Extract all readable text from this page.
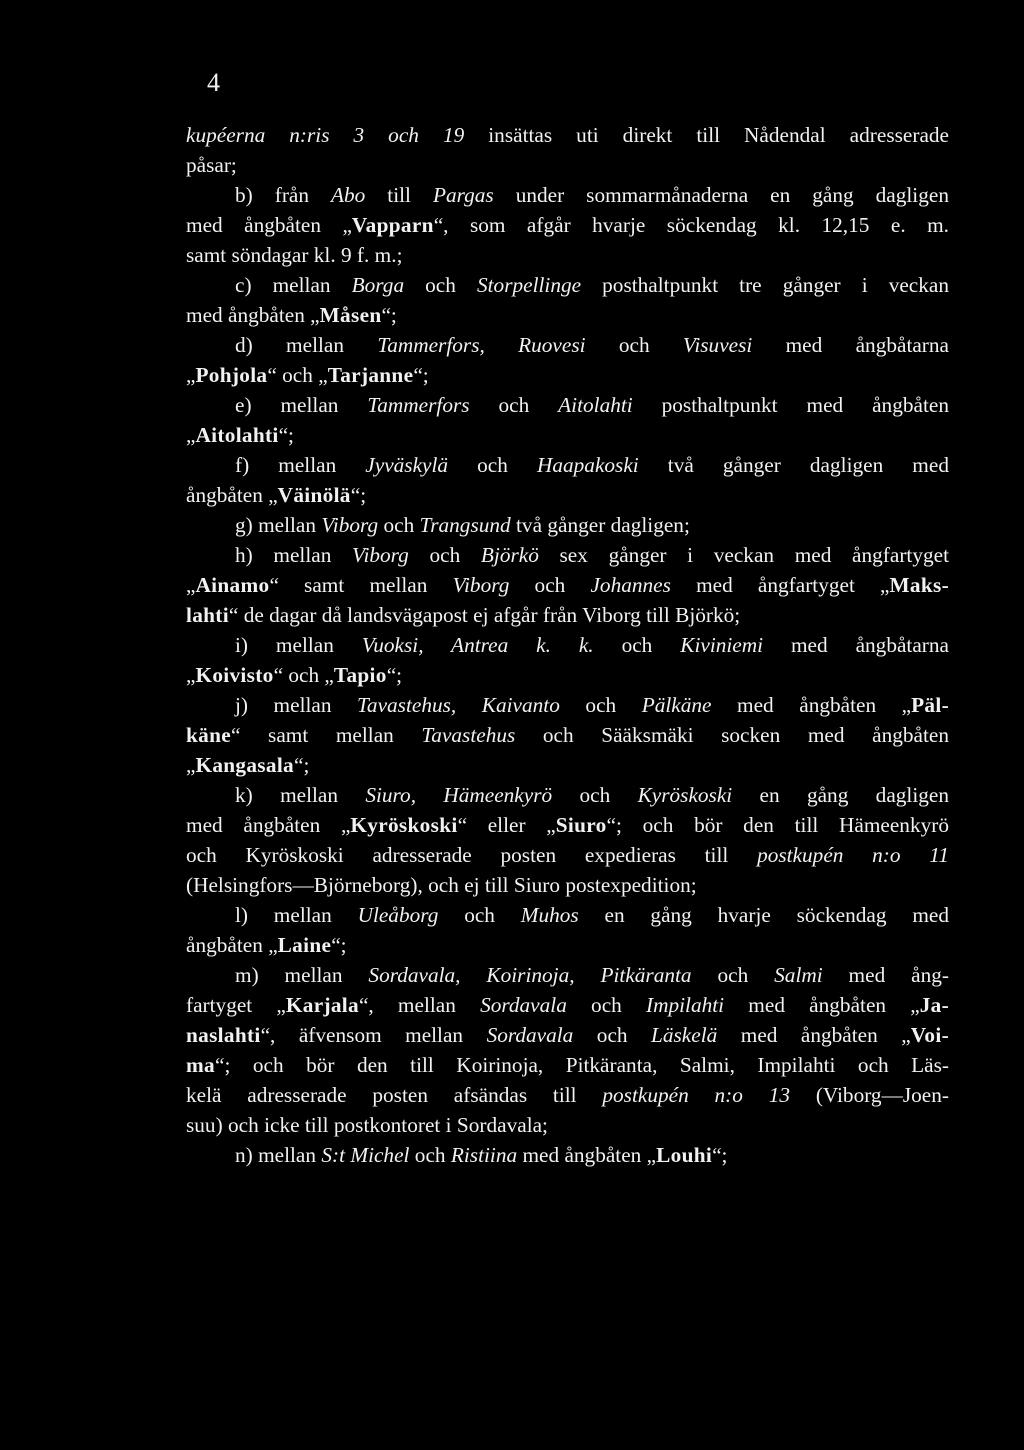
4
kupéerna n:ris 3 och 19 insättas uti direkt till Nådendal adresserade
påsar;
b) från Abo till Pargas under sommarmånaderna en gång dagligen
med ångbåten „Vapparn“, som afgår hvarje söckendag kl. 12,15 e. m.
samt söndagar kl. 9 f. m.;
c) mellan Borga och Storpellinge posthaltpunkt tre gånger i veckan
med ångbåten „Måsen“;
d) mellan Tammerfors, Ruovesi och Visuvesi med ångbåtarna
„Pohjola“ och „Tarjanne“;
e) mellan Tammerfors och Aitolahti posthaltpunkt med ångbåten
„Aitolahti“;
f) mellan Jyväskylä och Haapakoski två gånger dagligen med
ångbåten „Väinölä“;
g) mellan Viborg och Trangsund två gånger dagligen;
h) mellan Viborg och Björkö sex gånger i veckan med ångfartyget
„Ainamo“ samt mellan Viborg och Johannes med ångfartyget „Maks-
lahti“ de dagar då landsvägapost ej afgår från Viborg till Björkö;
i) mellan Vuoksi, Antrea k. k. och Kiviniemi med ångbåtarna
„Koivisto“ och „Tapio“;
j) mellan Tavastehus, Kaivanto och Pälkäne med ångbåten „Päl-
käne“ samt mellan Tavastehus och Sääksmäki socken med ångbåten
„Kangasala“;
k) mellan Siuro, Hämeenkyrö och Kyröskoski en gång dagligen
med ångbåten „Kyröskoski“ eller „Siuro“; och bör den till Hämeenkyrö
och Kyröskoski adresserade posten expedieras till postkupén n:o 11
(Helsingfors—Björneborg), och ej till Siuro postexpedition;
l) mellan Uleåborg och Muhos en gång hvarje söckendag med
ångbåten „Laine“;
m) mellan Sordavala, Koirinoja, Pitkäranta och Salmi med ång-
fartyget „Karjala“, mellan Sordavala och Impilahti med ångbåten „Ja-
naslahti“, äfvensom mellan Sordavala och Läskelä med ångbåten „Voi-
ma“; och bör den till Koirinoja, Pitkäranta, Salmi, Impilahti och Läs-
kelä adresserade posten afsändas till postkupén n:o 13 (Viborg—Joen-
suu) och icke till postkontoret i Sordavala;
n) mellan S:t Michel och Ristiina med ångbåten „Louhi“;
